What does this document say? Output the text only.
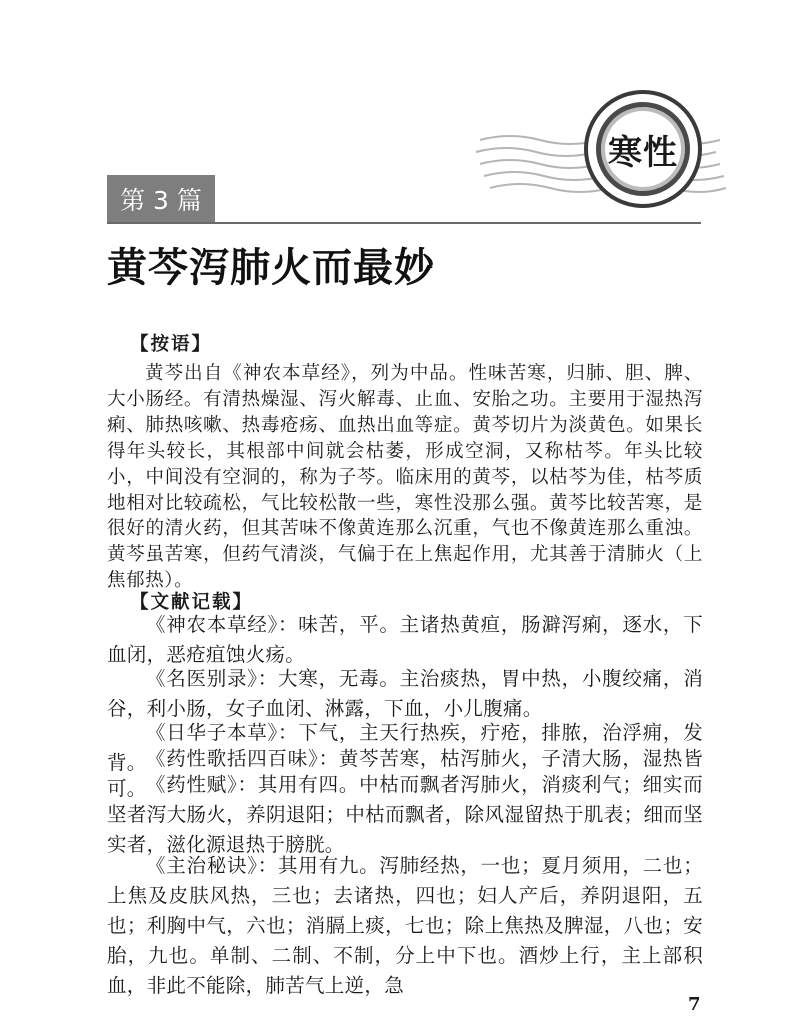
寒性
第 3 篇
黄芩泻肺火而最妙
【按语】
黄芩出自《神农本草经》，列为中品。性味苦寒，归肺、胆、脾、大小肠经。有清热燥湿、泻火解毒、止血、安胎之功。主要用于湿热泻痢、肺热咳嗽、热毒疮疡、血热出血等症。黄芩切片为淡黄色。如果长得年头较长，其根部中间就会枯萎，形成空洞，又称枯芩。年头比较小，中间没有空洞的，称为子芩。临床用的黄芩，以枯芩为佳，枯芩质地相对比较疏松，气比较松散一些，寒性没那么强。黄芩比较苦寒，是很好的清火药，但其苦味不像黄连那么沉重，气也不像黄连那么重浊。黄芩虽苦寒，但药气清淡，气偏于在上焦起作用，尤其善于清肺火（上焦郁热）。
【文献记载】
《神农本草经》：味苦，平。主诸热黄疸，肠澼泻痢，逐水，下血闭，恶疮疽蚀火疡。
《名医别录》：大寒，无毒。主治痰热，胃中热，小腹绞痛，消谷，利小肠，女子血闭、淋露，下血，小儿腹痛。
《日华子本草》：下气，主天行热疾，疔疮，排脓，治浮痈，发背。 《药性歌括四百味》：黄芩苦寒，枯泻肺火，子清大肠，湿热皆可。 《药性赋》：其用有四。中枯而飘者泻肺火，消痰利气；细实而坚者泻大肠火，养阴退阳；中枯而飘者，除风湿留热于肌表；细而坚实者，滋化源退热于膀胱。
《主治秘诀》：其用有九。泻肺经热，一也；夏月须用，二也；上焦及皮肤风热，三也；去诸热，四也；妇人产后，养阴退阳，五也；利胸中气，六也；消膈上痰，七也；除上焦热及脾湿，八也；安胎，九也。单制、二制、不制，分上中下也。酒炒上行，主上部积血，非此不能除，肺苦气上逆，急
7
